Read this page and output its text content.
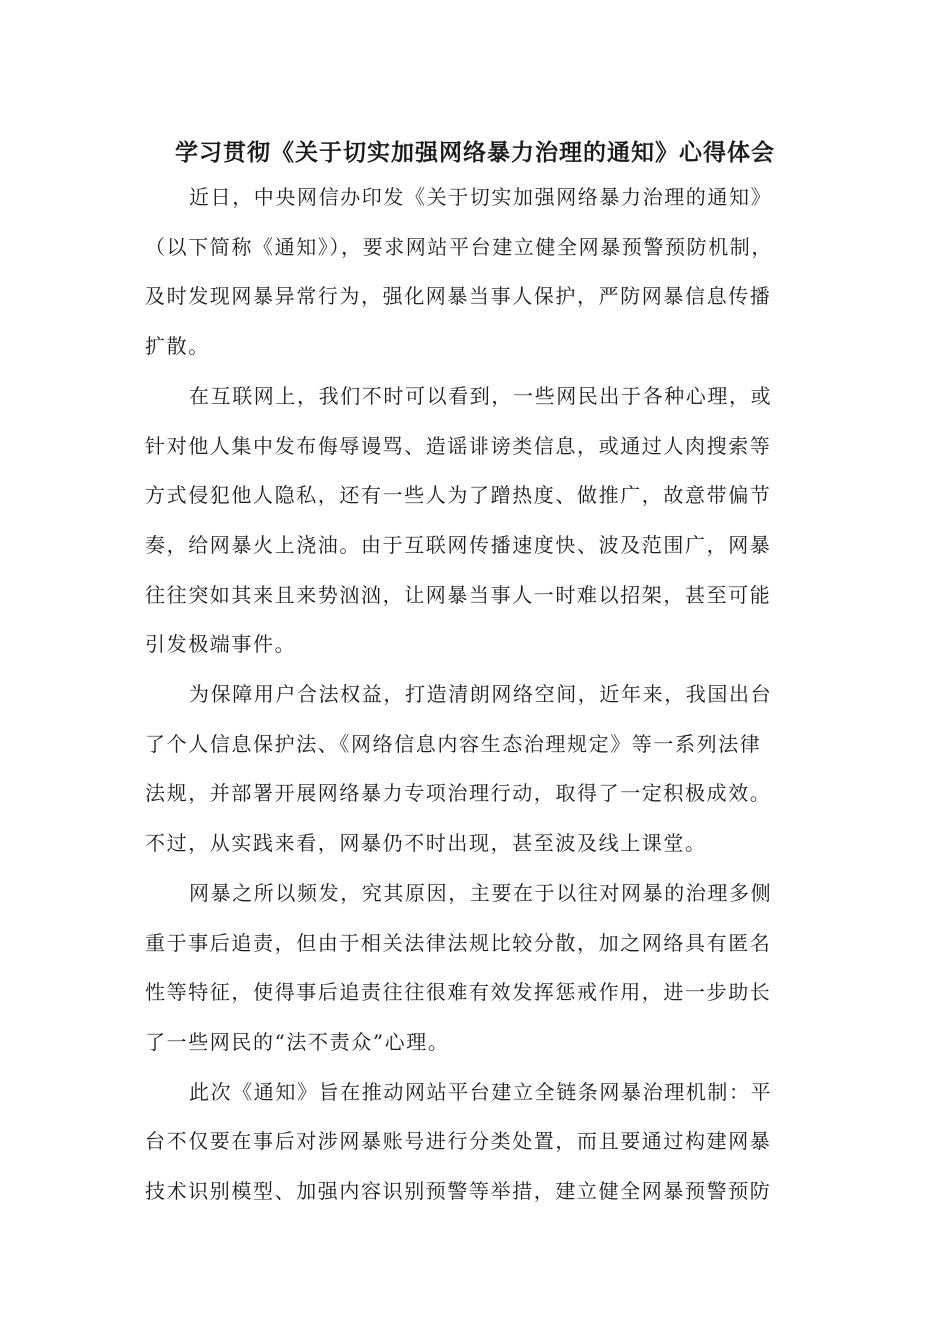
学习贯彻《关于切实加强网络暴力治理的通知》心得体会

近日，中央网信办印发《关于切实加强网络暴力治理的通知》
（以下简称《通知》），要求网站平台建立健全网暴预警预防机制，
及时发现网暴异常行为，强化网暴当事人保护，严防网暴信息传播
扩散。

在互联网上，我们不时可以看到，一些网民出于各种心理，或
针对他人集中发布侮辱谩骂、造谣诽谤类信息，或通过人肉搜索等
方式侵犯他人隐私，还有一些人为了蹭热度、做推广，故意带偏节
奏，给网暴火上浇油。由于互联网传播速度快、波及范围广，网暴
往往突如其来且来势汹汹，让网暴当事人一时难以招架，甚至可能
引发极端事件。

为保障用户合法权益，打造清朗网络空间，近年来，我国出台
了个人信息保护法、《网络信息内容生态治理规定》等一系列法律
法规，并部署开展网络暴力专项治理行动，取得了一定积极成效。
不过，从实践来看，网暴仍不时出现，甚至波及线上课堂。

网暴之所以频发，究其原因，主要在于以往对网暴的治理多侧
重于事后追责，但由于相关法律法规比较分散，加之网络具有匿名
性等特征，使得事后追责往往很难有效发挥惩戒作用，进一步助长
了一些网民的“法不责众”心理。

此次《通知》旨在推动网站平台建立全链条网暴治理机制：平
台不仅要在事后对涉网暴账号进行分类处置，而且要通过构建网暴
技术识别模型、加强内容识别预警等举措，建立健全网暴预警预防
